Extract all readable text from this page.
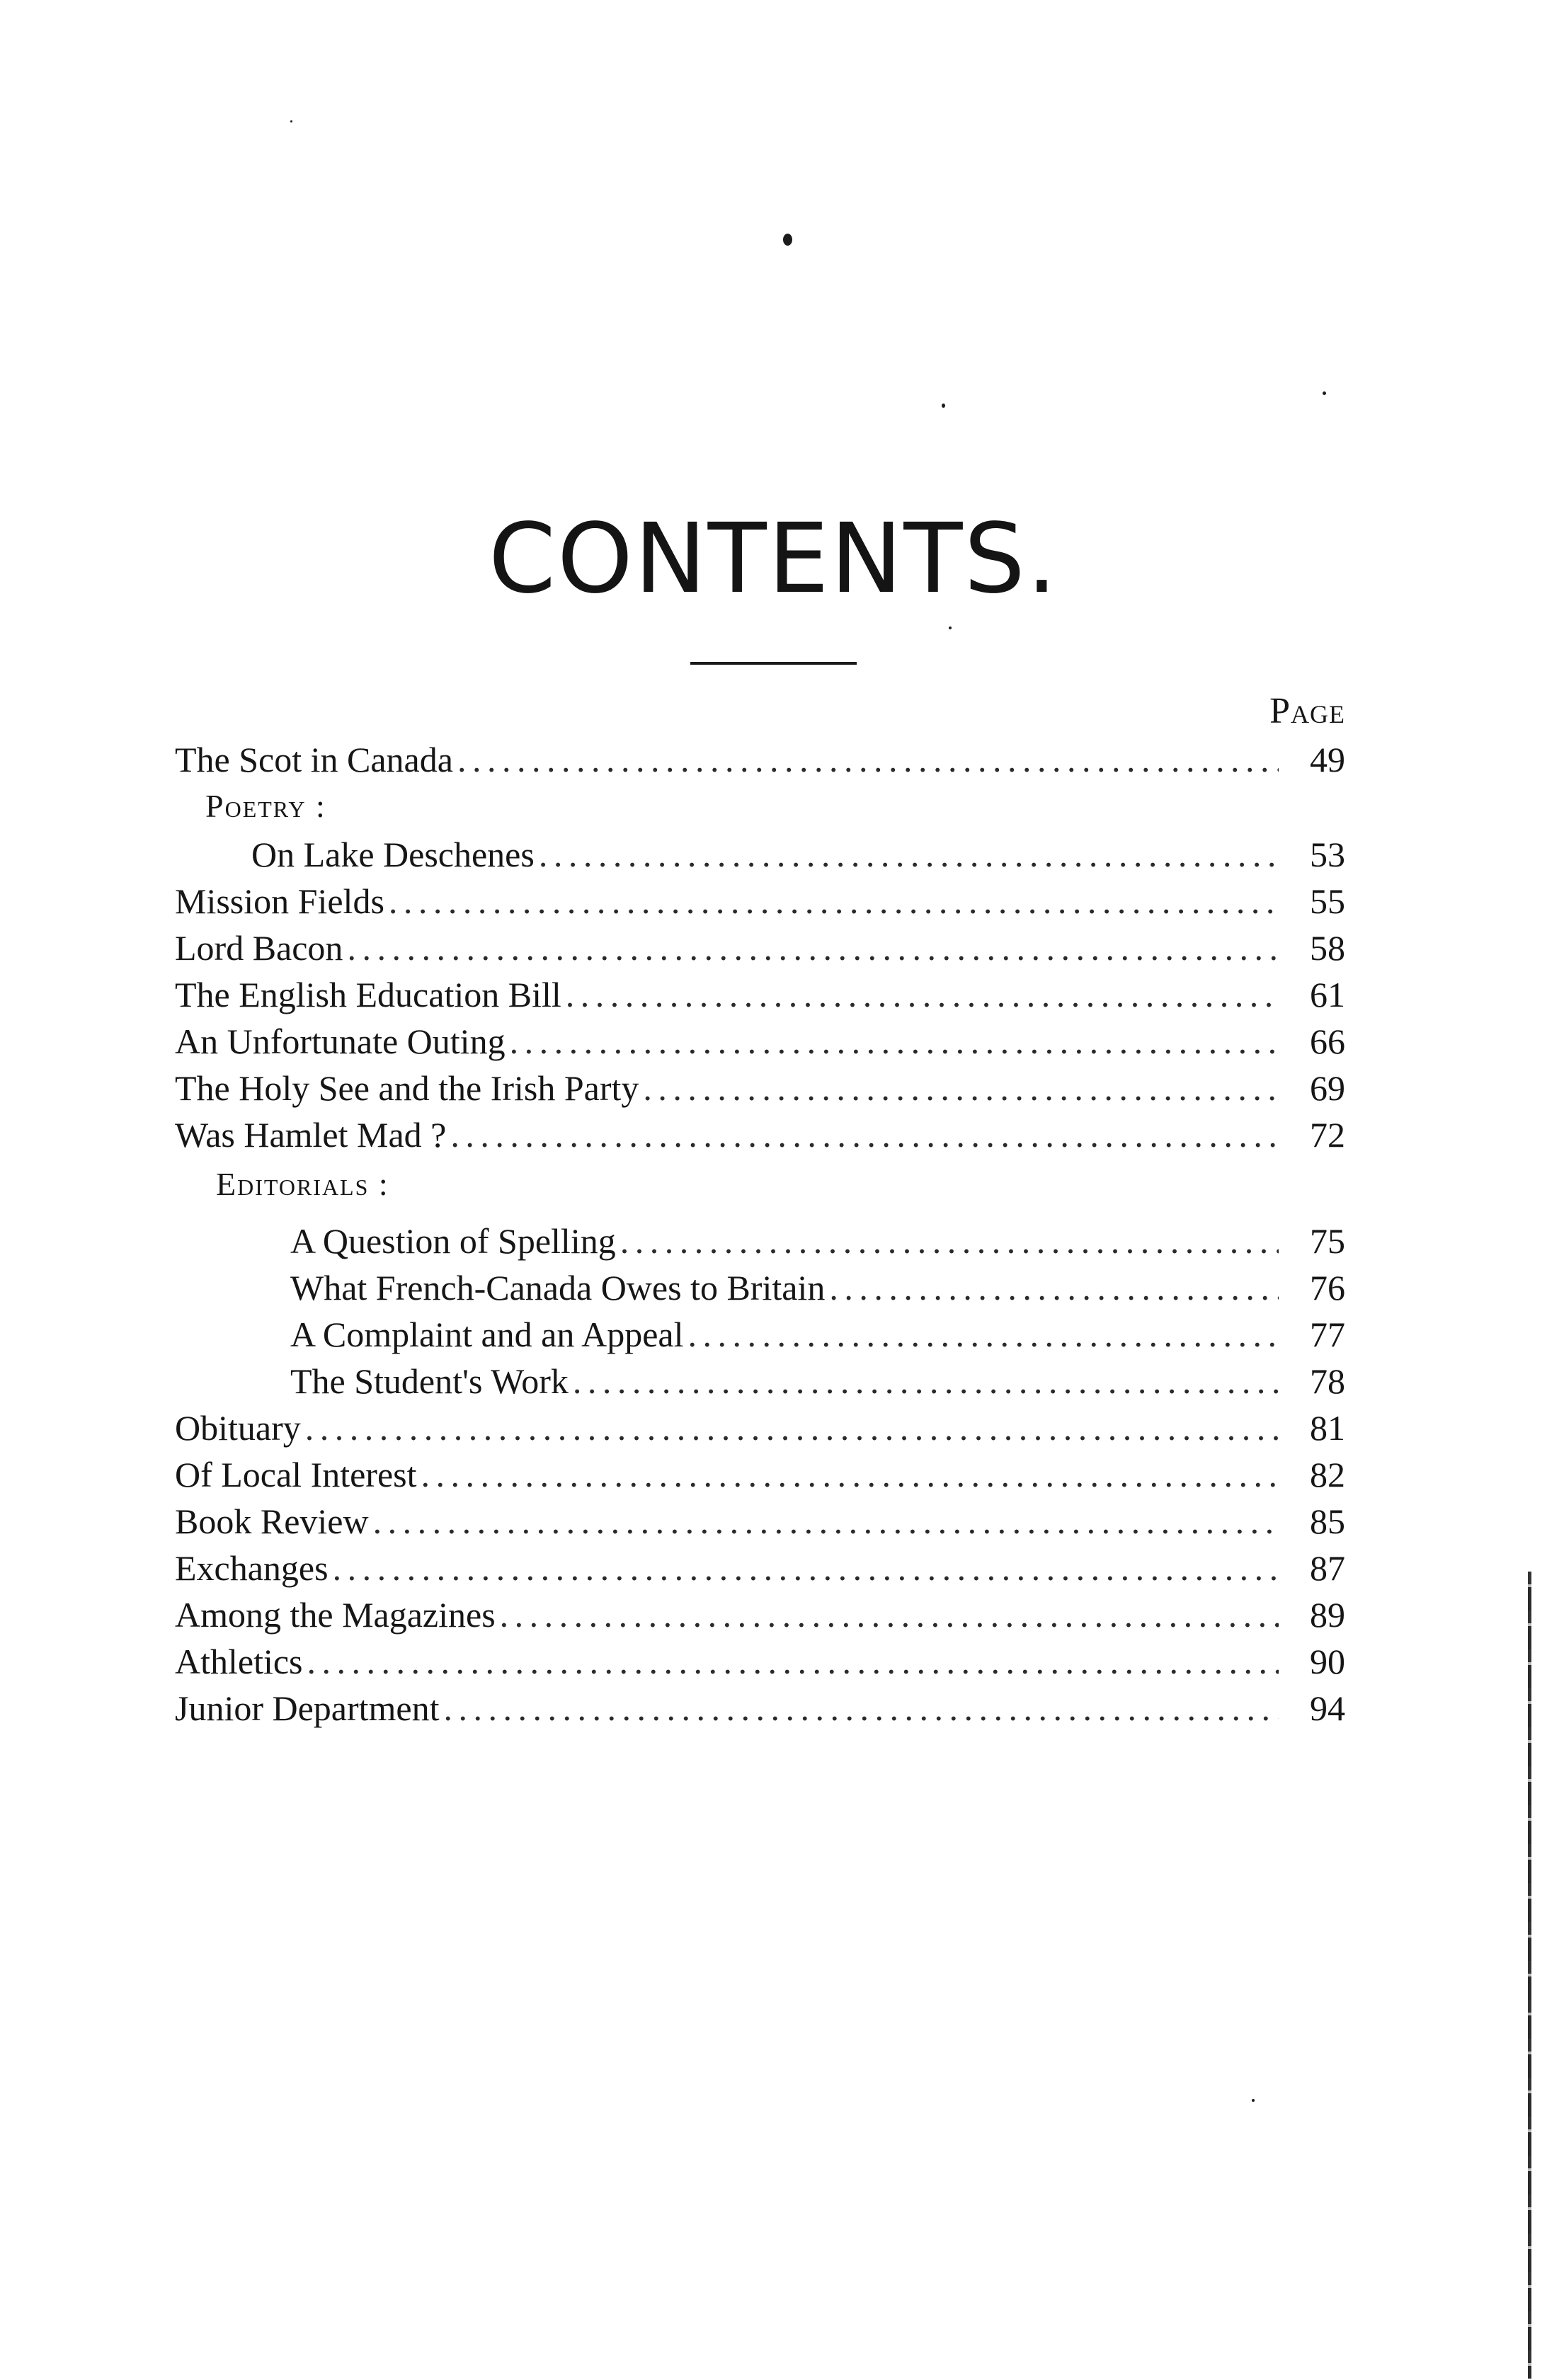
CONTENTS.
Page
The Scot in Canada . . .	49
Poetry :
On Lake Deschenes . . .	53
Mission Fields . . .	55
Lord Bacon . . .	58
The English Education Bill . . .	61
An Unfortunate Outing . . .	66
The Holy See and the Irish Party . . .	69
Was Hamlet Mad ? . . .	72
Editorials :
A Question of Spelling . . .	75
What French-Canada Owes to Britain . . .	76
A Complaint and an Appeal . . .	77
The Student's Work . . .	78
Obituary . . .	81
Of Local Interest . . .	82
Book Review . . .	85
Exchanges . . .	87
Among the Magazines . . .	89
Athletics . . .	90
Junior Department . . .	94
